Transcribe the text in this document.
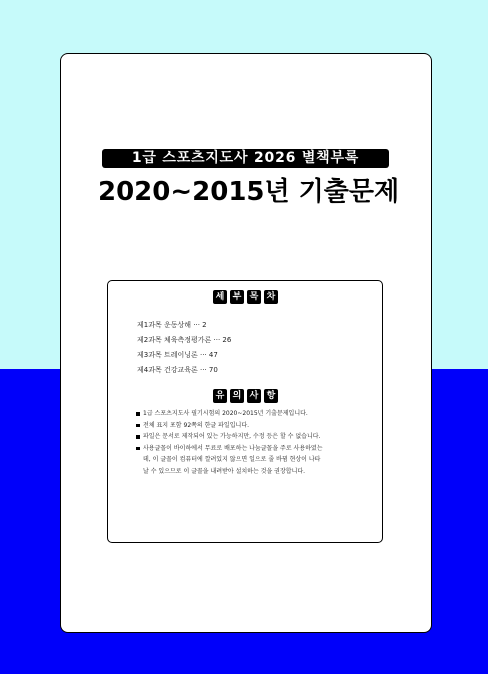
1급 스포츠지도사 2026 별책부록
2020~2015년 기출문제
세 부 목 차
제1과목 운동상해 ··· 2
제2과목 체육측정평가론 ··· 26
제3과목 트레이닝론 ··· 47
제4과목 건강교육론 ··· 70
유 의 사 항
1급 스포츠지도사 필기시험의 2020~2015년 기출문제입니다.
전체 표지 포함 92쪽의 한글 파일입니다.
파일은 문서로 제작되어 있는 가능하지만, 수정 등은 할 수 없습니다.
사용글꼴이 바이하에서 무료로 배포하는 나눔글꼴을 주로 사용하였는
데, 이 글꼴이 컴퓨터에 깔려있지 않으면 일으로 줄 바뀜 현상이 나타
날 수 있으므로 이 글꼴을 내려받아 설치하는 것을 권장합니다.
